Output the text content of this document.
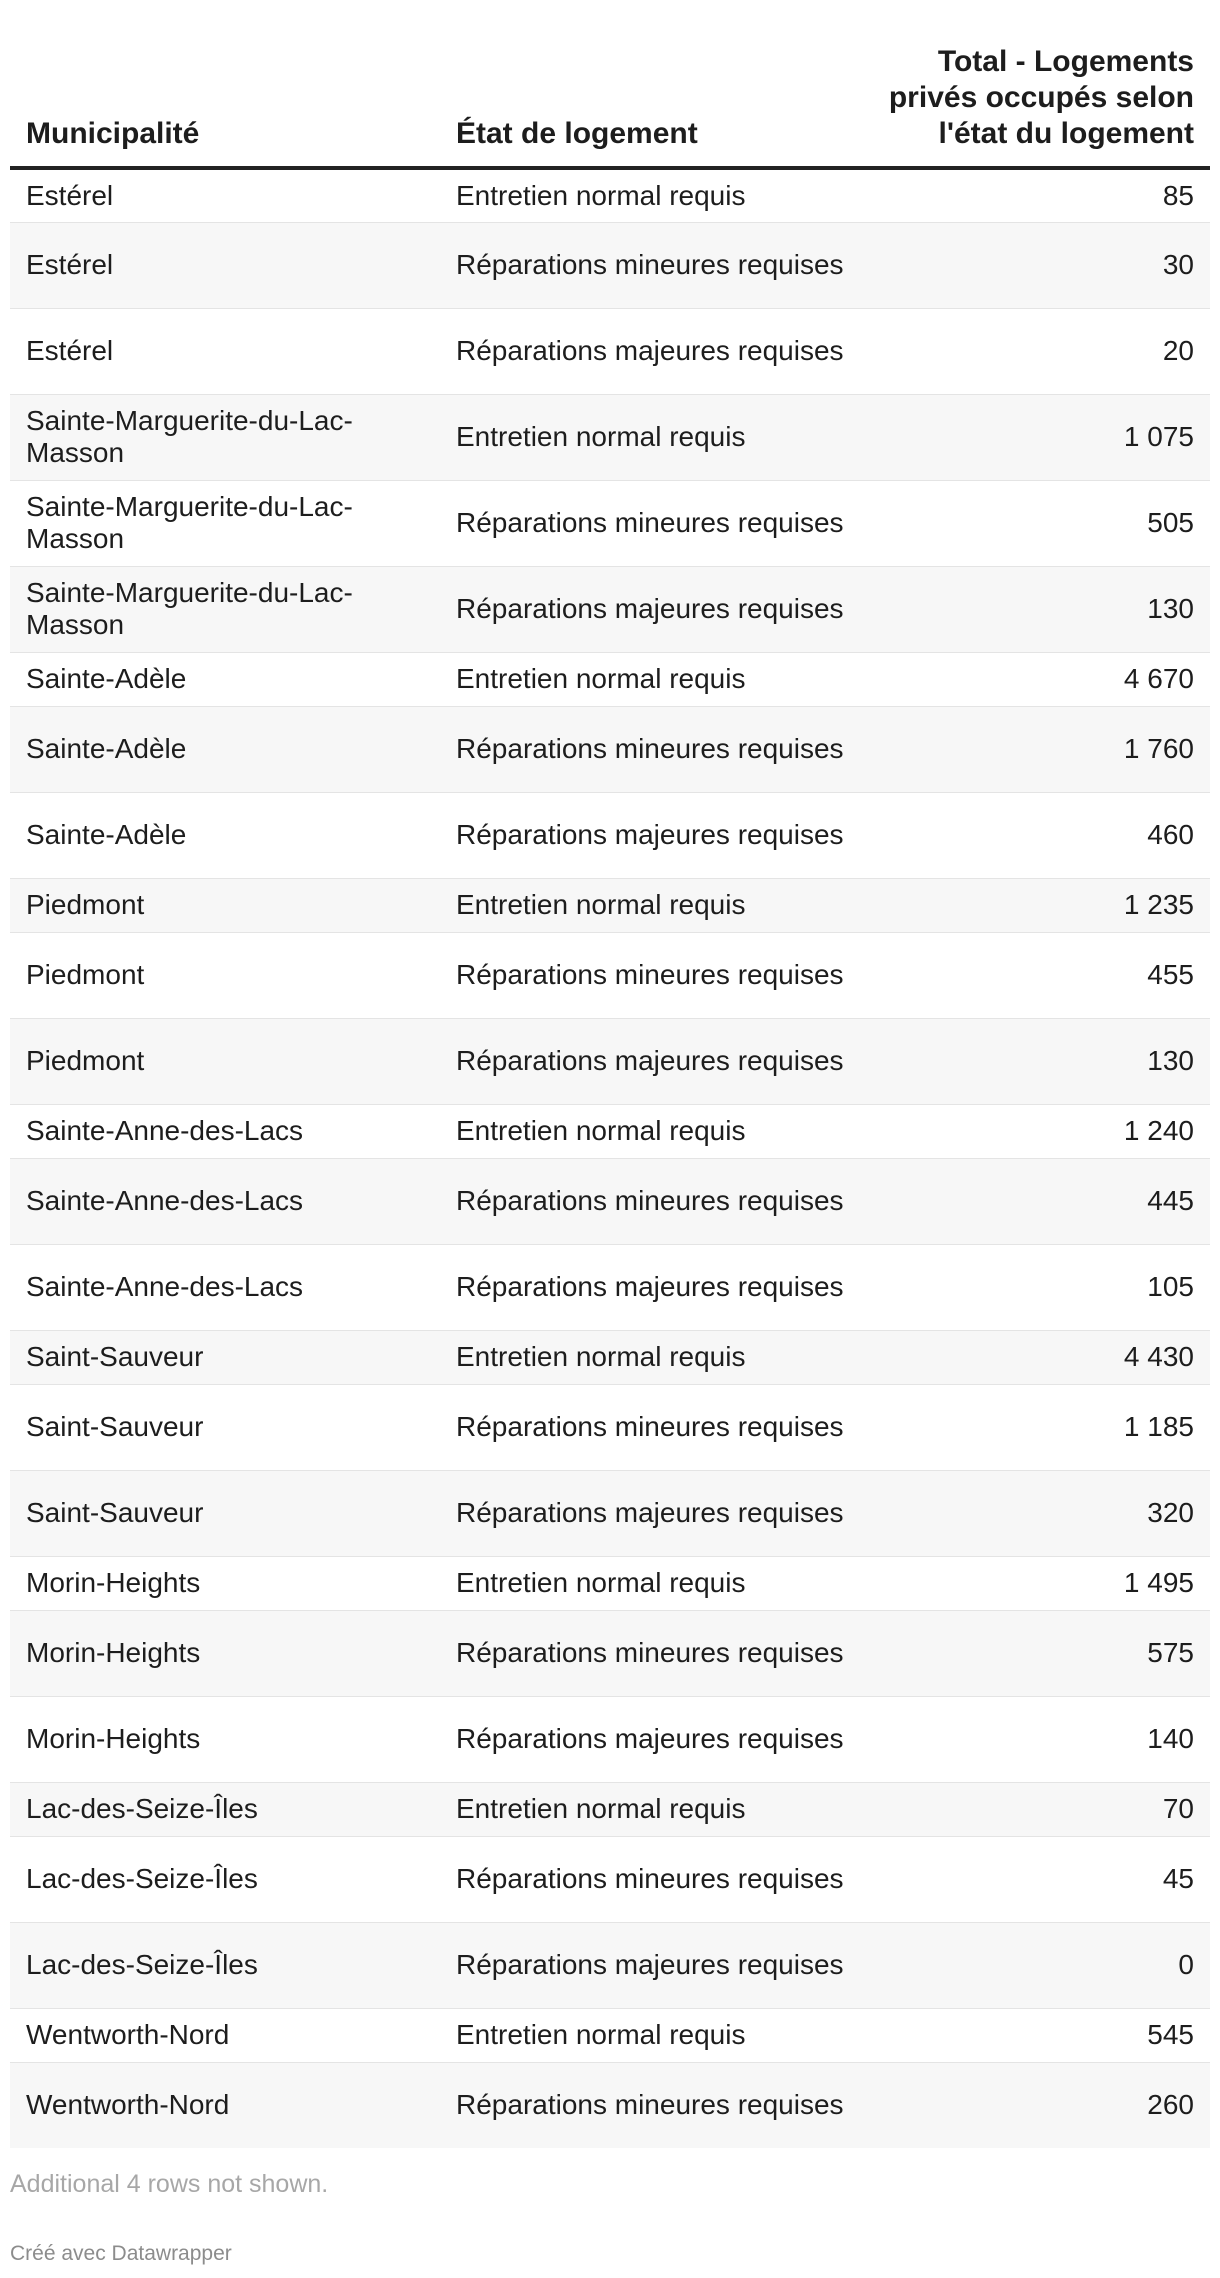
Municipalité	État de logement	Total - Logements privés occupés selon l'état du logement
Estérel	Entretien normal requis	85
Estérel	Réparations mineures requises	30
Estérel	Réparations majeures requises	20
Sainte-Marguerite-du-Lac-Masson	Entretien normal requis	1 075
Sainte-Marguerite-du-Lac-Masson	Réparations mineures requises	505
Sainte-Marguerite-du-Lac-Masson	Réparations majeures requises	130
Sainte-Adèle	Entretien normal requis	4 670
Sainte-Adèle	Réparations mineures requises	1 760
Sainte-Adèle	Réparations majeures requises	460
Piedmont	Entretien normal requis	1 235
Piedmont	Réparations mineures requises	455
Piedmont	Réparations majeures requises	130
Sainte-Anne-des-Lacs	Entretien normal requis	1 240
Sainte-Anne-des-Lacs	Réparations mineures requises	445
Sainte-Anne-des-Lacs	Réparations majeures requises	105
Saint-Sauveur	Entretien normal requis	4 430
Saint-Sauveur	Réparations mineures requises	1 185
Saint-Sauveur	Réparations majeures requises	320
Morin-Heights	Entretien normal requis	1 495
Morin-Heights	Réparations mineures requises	575
Morin-Heights	Réparations majeures requises	140
Lac-des-Seize-Îles	Entretien normal requis	70
Lac-des-Seize-Îles	Réparations mineures requises	45
Lac-des-Seize-Îles	Réparations majeures requises	0
Wentworth-Nord	Entretien normal requis	545
Wentworth-Nord	Réparations mineures requises	260
Additional 4 rows not shown.
Créé avec Datawrapper
